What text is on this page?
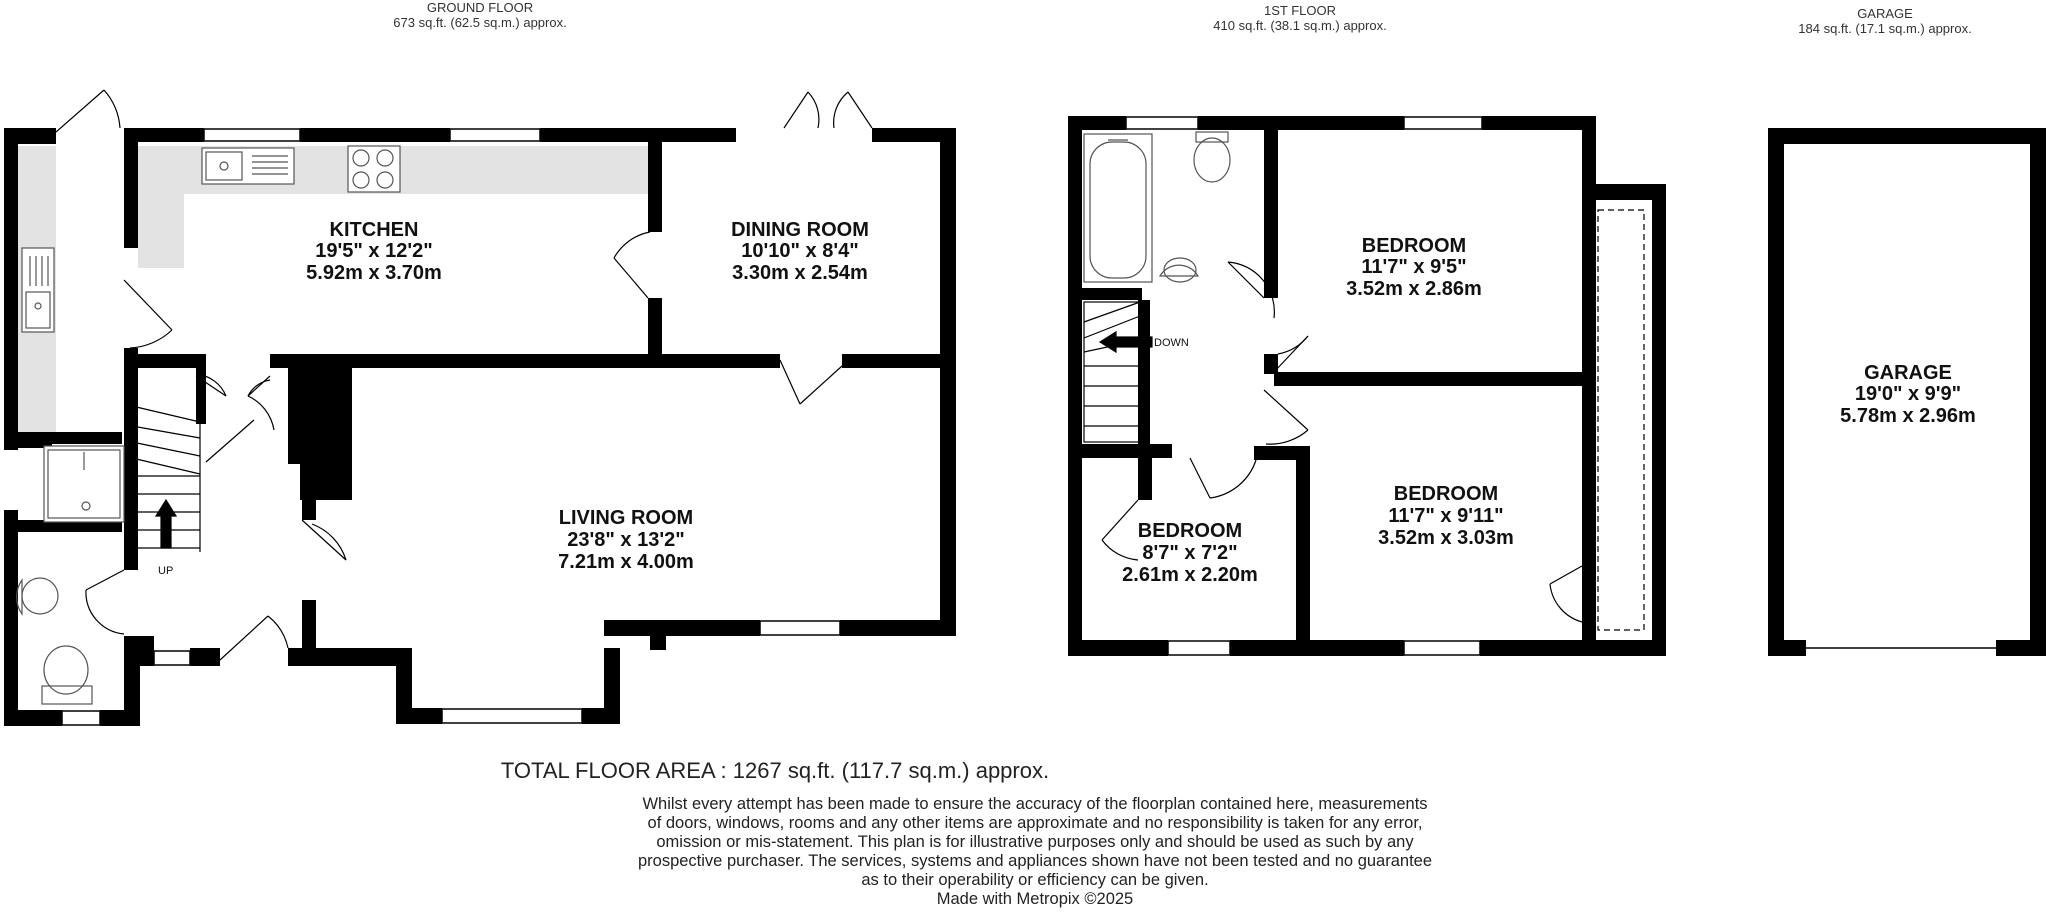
GROUND FLOOR
673 sq.ft. (62.5 sq.m.) approx.
1ST FLOOR
410 sq.ft. (38.1 sq.m.) approx.
GARAGE
184 sq.ft. (17.1 sq.m.) approx.
KITCHEN
19'5" x 12'2"
5.92m x 3.70m
DINING ROOM
10'10" x 8'4"
3.30m x 2.54m
LIVING ROOM
23'8" x 13'2"
7.21m x 4.00m
BEDROOM
11'7" x 9'5"
3.52m x 2.86m
BEDROOM
11'7" x 9'11"
3.52m x 3.03m
BEDROOM
8'7" x 7'2"
2.61m x 2.20m
GARAGE
19'0" x 9'9"
5.78m x 2.96m
UP
DOWN
TOTAL FLOOR AREA : 1267 sq.ft. (117.7 sq.m.) approx.
Whilst every attempt has been made to ensure the accuracy of the floorplan contained here, measurements
of doors, windows, rooms and any other items are approximate and no responsibility is taken for any error,
omission or mis-statement. This plan is for illustrative purposes only and should be used as such by any
prospective purchaser. The services, systems and appliances shown have not been tested and no guarantee
as to their operability or efficiency can be given.
Made with Metropix ©2025
